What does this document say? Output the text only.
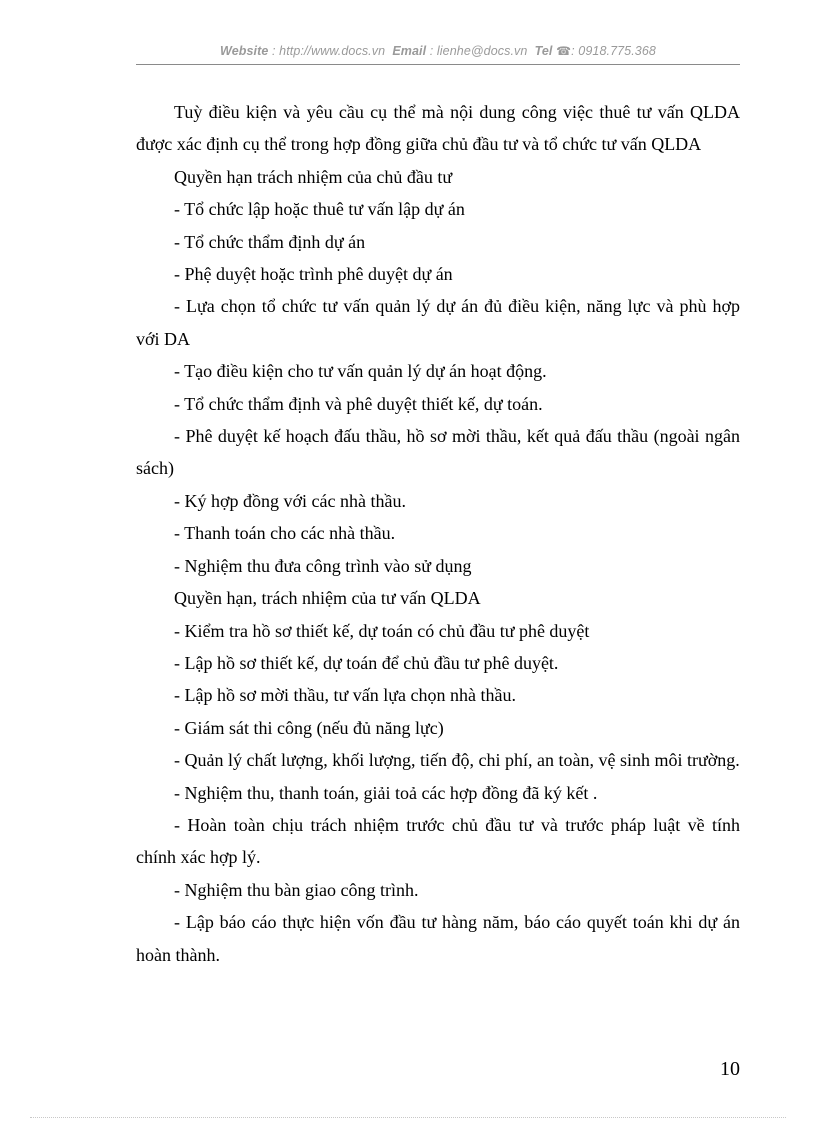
Website : http://www.docs.vn Email : lienhe@docs.vn Tel ☎: 0918.775.368

Tuỳ điều kiện và yêu cầu cụ thể mà nội dung công việc thuê tư vấn QLDA được xác định cụ thể trong hợp đồng giữa chủ đầu tư và tổ chức tư vấn QLDA

Quyền hạn trách nhiệm của chủ đầu tư

- Tổ chức lập hoặc thuê tư vấn lập dự án

- Tổ chức thẩm định dự án

- Phệ duyệt hoặc trình phê duyệt dự án

- Lựa chọn tổ chức tư vấn quản lý dự án đủ điều kiện, năng lực và phù hợp với DA

- Tạo điều kiện cho tư vấn quản lý dự án hoạt động.

- Tổ chức thẩm định và phê duyệt thiết kế, dự toán.

- Phê duyệt kế hoạch đấu thầu, hồ sơ mời thầu, kết quả đấu thầu (ngoài ngân sách)

- Ký hợp đồng với các nhà thầu.

- Thanh toán cho các nhà thầu.

- Nghiệm thu đưa công trình vào sử dụng

Quyền hạn, trách nhiệm của tư vấn QLDA

- Kiểm tra hồ sơ thiết kế, dự toán có chủ đầu tư phê duyệt

- Lập hồ sơ thiết kế, dự toán để chủ đầu tư phê duyệt.

- Lập hồ sơ mời thầu, tư vấn lựa chọn nhà thầu.

- Giám sát thi công (nếu đủ năng lực)

- Quản lý chất lượng, khối lượng, tiến độ, chi phí, an toàn, vệ sinh môi trường.

- Nghiệm thu, thanh toán, giải toả các hợp đồng đã ký kết .

- Hoàn toàn chịu trách nhiệm trước chủ đầu tư và trước pháp luật về tính chính xác hợp lý.

- Nghiệm thu bàn giao công trình.

- Lập báo cáo thực hiện vốn đầu tư hàng năm, báo cáo quyết toán khi dự án hoàn thành.

10
